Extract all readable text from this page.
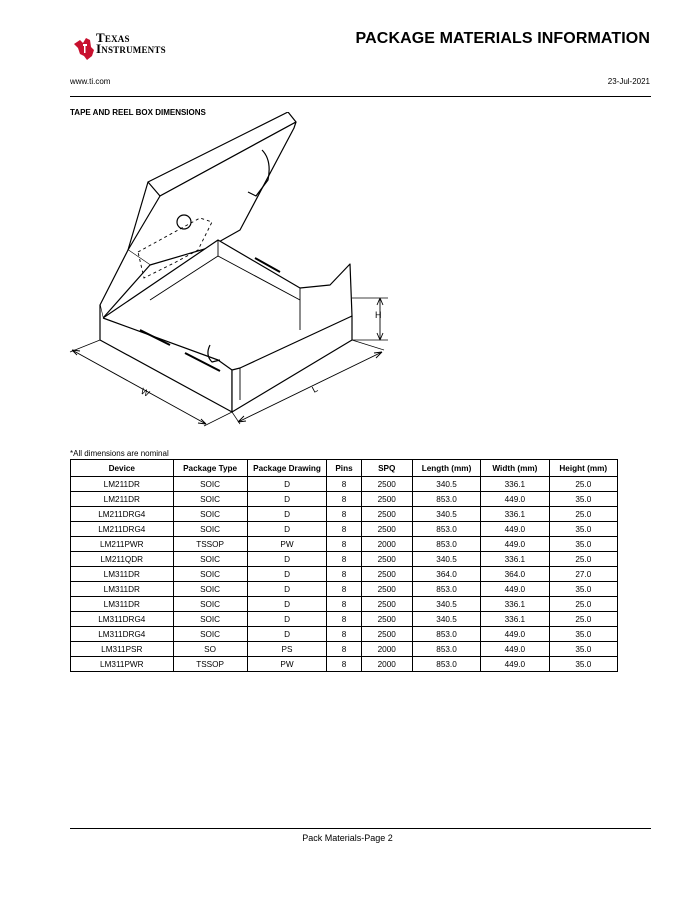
Texas
Instruments
PACKAGE MATERIALS INFORMATION
www.ti.com	23-Jul-2021
TAPE AND REEL BOX DIMENSIONS
W	L
H
*All dimensions are nominal
Device	Package Type	Package Drawing	Pins	SPQ	Length (mm)	Width (mm)	Height (mm)
LM211DR	SOIC	D	8	2500	340.5	336.1	25.0
LM211DR	SOIC	D	8	2500	853.0	449.0	35.0
LM211DRG4	SOIC	D	8	2500	340.5	336.1	25.0
LM211DRG4	SOIC	D	8	2500	853.0	449.0	35.0
LM211PWR	TSSOP	PW	8	2000	853.0	449.0	35.0
LM211QDR	SOIC	D	8	2500	340.5	336.1	25.0
LM311DR	SOIC	D	8	2500	364.0	364.0	27.0
LM311DR	SOIC	D	8	2500	853.0	449.0	35.0
LM311DR	SOIC	D	8	2500	340.5	336.1	25.0
LM311DRG4	SOIC	D	8	2500	340.5	336.1	25.0
LM311DRG4	SOIC	D	8	2500	853.0	449.0	35.0
LM311PSR	SO	PS	8	2000	853.0	449.0	35.0
LM311PWR	TSSOP	PW	8	2000	853.0	449.0	35.0
Pack Materials-Page 2
